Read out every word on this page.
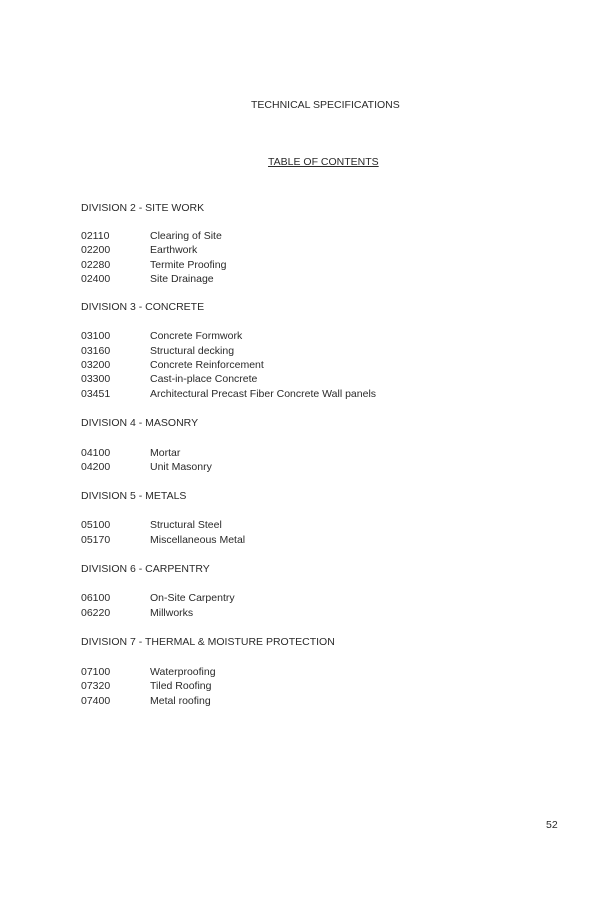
TECHNICAL SPECIFICATIONS
TABLE OF CONTENTS
DIVISION 2 - SITE WORK
02110	Clearing of Site
02200	Earthwork
02280	Termite Proofing
02400	Site Drainage
DIVISION 3 - CONCRETE
03100	Concrete Formwork
03160	Structural decking
03200	Concrete Reinforcement
03300	Cast-in-place Concrete
03451	Architectural Precast Fiber Concrete Wall panels
DIVISION 4 - MASONRY
04100	Mortar
04200	Unit Masonry
DIVISION 5 - METALS
05100	Structural Steel
05170	Miscellaneous Metal
DIVISION 6 - CARPENTRY
06100	On-Site Carpentry
06220	Millworks
DIVISION 7 - THERMAL & MOISTURE PROTECTION
07100	Waterproofing
07320	Tiled Roofing
07400	Metal roofing
52
